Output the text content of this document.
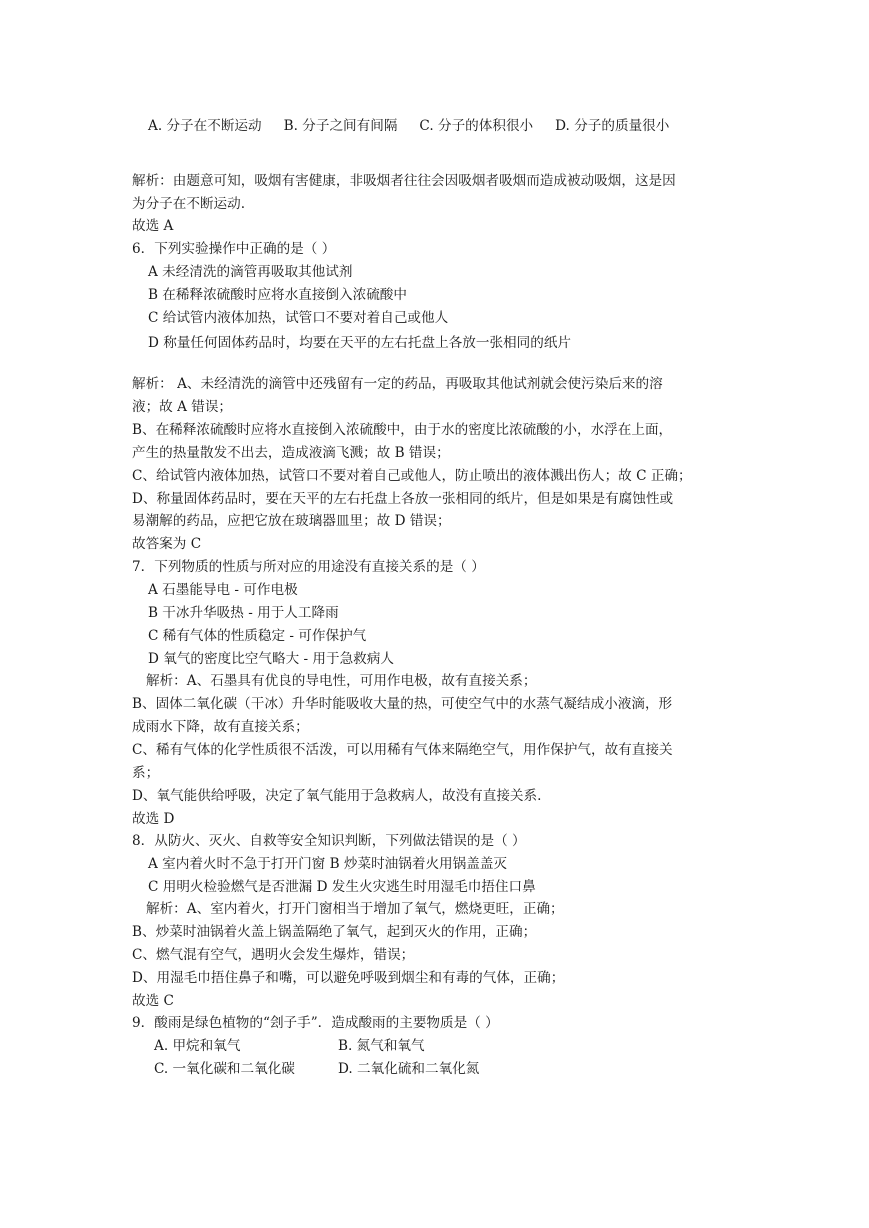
A. 分子在不断运动 B. 分子之间有间隔 C. 分子的体积很小 D. 分子的质量很小
解析：由题意可知，吸烟有害健康，非吸烟者往往会因吸烟者吸烟而造成被动吸烟，这是因
为分子在不断运动.
故选 A
6．下列实验操作中正确的是（ ）
A 未经清洗的滴管再吸取其他试剂
B 在稀释浓硫酸时应将水直接倒入浓硫酸中
C 给试管内液体加热，试管口不要对着自己或他人
D 称量任何固体药品时，均要在天平的左右托盘上各放一张相同的纸片
解析： A、未经清洗的滴管中还残留有一定的药品，再吸取其他试剂就会使污染后来的溶
液；故 A 错误；
B、在稀释浓硫酸时应将水直接倒入浓硫酸中，由于水的密度比浓硫酸的小，水浮在上面，
产生的热量散发不出去，造成液滴飞溅；故 B 错误；
C、给试管内液体加热，试管口不要对着自己或他人，防止喷出的液体溅出伤人；故 C 正确；
D、称量固体药品时，要在天平的左右托盘上各放一张相同的纸片，但是如果是有腐蚀性或
易潮解的药品，应把它放在玻璃器皿里；故 D 错误；
故答案为 C
7．下列物质的性质与所对应的用途没有直接关系的是（ ）
A 石墨能导电 - 可作电极
B 干冰升华吸热 - 用于人工降雨
C 稀有气体的性质稳定 - 可作保护气
D 氧气的密度比空气略大 - 用于急救病人
解析：A、石墨具有优良的导电性，可用作电极，故有直接关系；
B、固体二氧化碳（干冰）升华时能吸收大量的热，可使空气中的水蒸气凝结成小液滴，形
成雨水下降，故有直接关系；
C、稀有气体的化学性质很不活泼，可以用稀有气体来隔绝空气，用作保护气，故有直接关
系；
D、氧气能供给呼吸，决定了氧气能用于急救病人，故没有直接关系.
故选 D
8．从防火、灭火、自救等安全知识判断，下列做法错误的是（ ）
A 室内着火时不急于打开门窗 B 炒菜时油锅着火用锅盖盖灭
C 用明火检验燃气是否泄漏 D 发生火灾逃生时用湿毛巾捂住口鼻
解析：A、室内着火，打开门窗相当于增加了氧气，燃烧更旺，正确；
B、炒菜时油锅着火盖上锅盖隔绝了氧气，起到灭火的作用，正确；
C、燃气混有空气，遇明火会发生爆炸，错误；
D、用湿毛巾捂住鼻子和嘴，可以避免呼吸到烟尘和有毒的气体，正确；
故选 C
9．酸雨是绿色植物的“刽子手”．造成酸雨的主要物质是（ ）
A. 甲烷和氧气	B. 氮气和氧气
C. 一氧化碳和二氧化碳	D. 二氧化硫和二氧化氮
